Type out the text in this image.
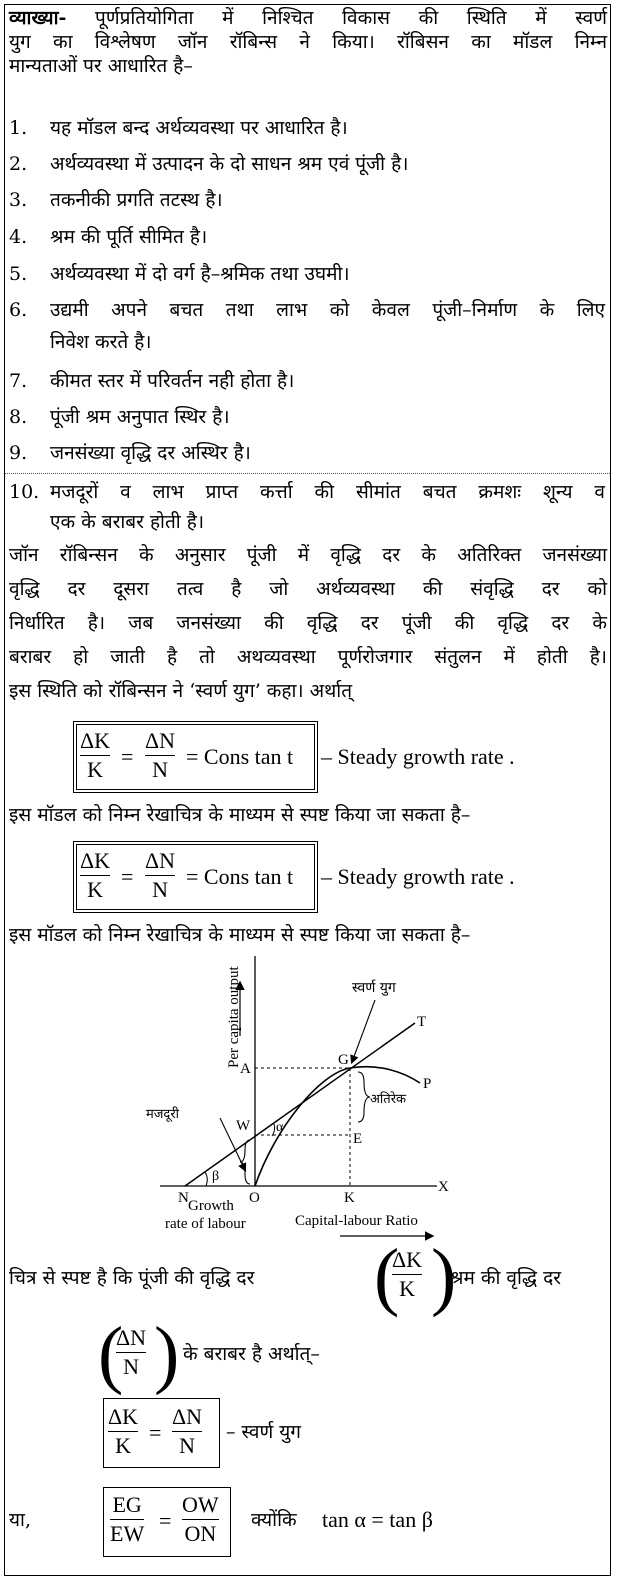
व्याख्या- पूर्णप्रतियोगिता में निश्चित विकास की स्थिति में स्वर्ण
युग का विश्लेषण जॉन रॉबिन्स ने किया। रॉबिसन का मॉडल निम्न
मान्यताओं पर आधारित है–
1. यह मॉडल बन्द अर्थव्यवस्था पर आधारित है।
2. अर्थव्यवस्था में उत्पादन के दो साधन श्रम एवं पूंजी है।
3. तकनीकी प्रगति तटस्थ है।
4. श्रम की पूर्ति सीमित है।
5. अर्थव्यवस्था में दो वर्ग है–श्रमिक तथा उघमी।
6. उद्यमी अपने बचत तथा लाभ को केवल पूंजी–निर्माण के लिए
निवेश करते है।
7. कीमत स्तर में परिवर्तन नही होता है।
8. पूंजी श्रम अनुपात स्थिर है।
9. जनसंख्या वृद्धि दर अस्थिर है।
10. मजदूरों व लाभ प्राप्त कर्त्ता की सीमांत बचत क्रमशः शून्य व
एक के बराबर होती है।
जॉन रॉबिन्सन के अनुसार पूंजी में वृद्धि दर के अतिरिक्त जनसंख्या
वृद्धि दर दूसरा तत्व है जो अर्थव्यवस्था की संवृद्धि दर को
निर्धारित है। जब जनसंख्या की वृद्धि दर पूंजी की वृद्धि दर के
बराबर हो जाती है तो अथव्यवस्था पूर्णरोजगार संतुलन में होती है।
इस स्थिति को रॉबिन्सन ने ‘स्वर्ण युग’ कहा। अर्थात्
ΔK
K
=
ΔN
N
= Cons tan t – Steady growth rate .
इस मॉडल को निम्न रेखाचित्र के माध्यम से स्पष्ट किया जा सकता है–
ΔK
K
=
ΔN
N
= Cons tan t – Steady growth rate .
इस मॉडल को निम्न रेखाचित्र के माध्यम से स्पष्ट किया जा सकता है–
Per capita output
Capital-labour Ratio
Growth
rate of labour
स्वर्ण युग
अतिरेक
मजदूरी
T
G
P
A
W
E
K
O
N
X
α
β
चित्र से स्पष्ट है कि पूंजी की वृद्धि दर (
ΔK
K )
श्रम की वृद्धि दर
(
ΔN
N ) के बराबर है अर्थात्–
ΔK
K
=
ΔN
N
– स्वर्ण युग
या,
EG
EW
=
OW
ON
क्योंकि tan α = tan β
